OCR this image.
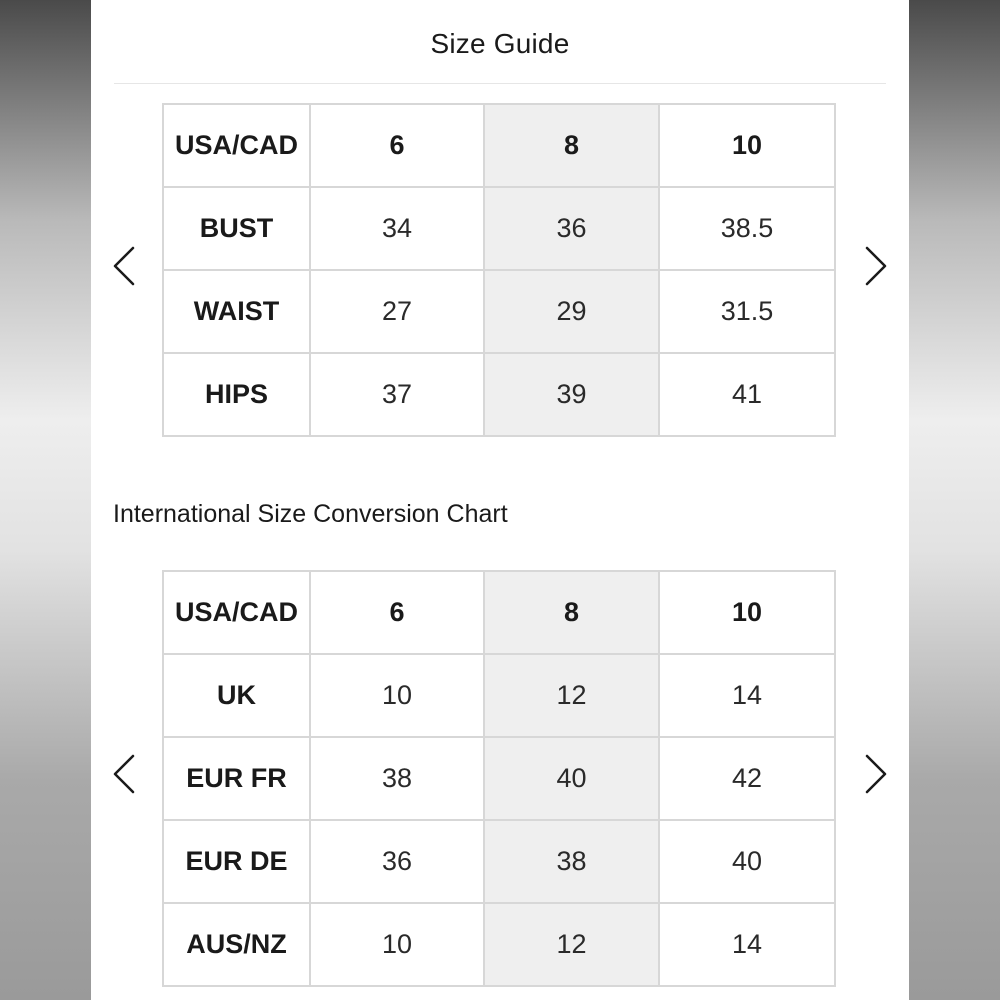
Size Guide
USA/CAD	6	8	10
BUST	34	36	38.5
WAIST	27	29	31.5
HIPS	37	39	41
International Size Conversion Chart
USA/CAD	6	8	10
UK	10	12	14
EUR FR	38	40	42
EUR DE	36	38	40
AUS/NZ	10	12	14
